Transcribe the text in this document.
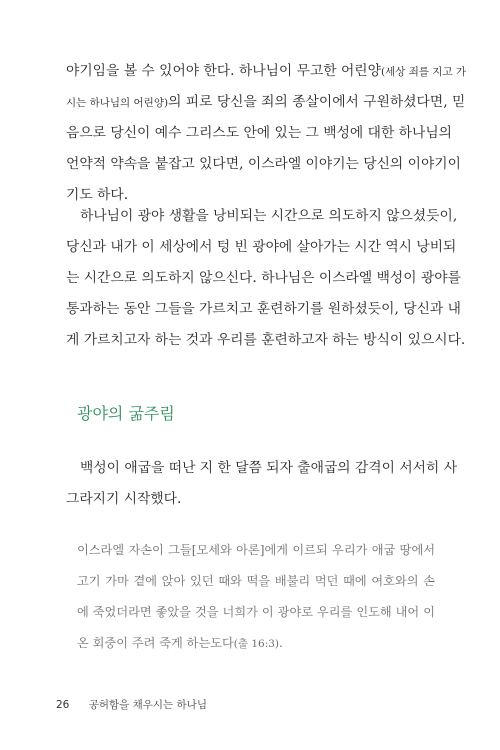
야기임을 볼 수 있어야 한다. 하나님이 무고한 어린양(세상 죄를 지고 가
시는 하나님의 어린양)의 피로 당신을 죄의 종살이에서 구원하셨다면, 믿
음으로 당신이 예수 그리스도 안에 있는 그 백성에 대한 하나님의
언약적 약속을 붙잡고 있다면, 이스라엘 이야기는 당신의 이야기이
기도 하다.
하나님이 광야 생활을 낭비되는 시간으로 의도하지 않으셨듯이,
당신과 내가 이 세상에서 텅 빈 광야에 살아가는 시간 역시 낭비되
는 시간으로 의도하지 않으신다. 하나님은 이스라엘 백성이 광야를
통과하는 동안 그들을 가르치고 훈련하기를 원하셨듯이, 당신과 내
게 가르치고자 하는 것과 우리를 훈련하고자 하는 방식이 있으시다.
광야의 굶주림
백성이 애굽을 떠난 지 한 달쯤 되자 출애굽의 감격이 서서히 사
그라지기 시작했다.
이스라엘 자손이 그들[모세와 아론]에게 이르되 우리가 애굽 땅에서
고기 가마 곁에 앉아 있던 때와 떡을 배불리 먹던 때에 여호와의 손
에 죽었더라면 좋았을 것을 너희가 이 광야로 우리를 인도해 내어 이
온 회중이 주려 죽게 하는도다(출 16:3).
26 공허함을 채우시는 하나님
